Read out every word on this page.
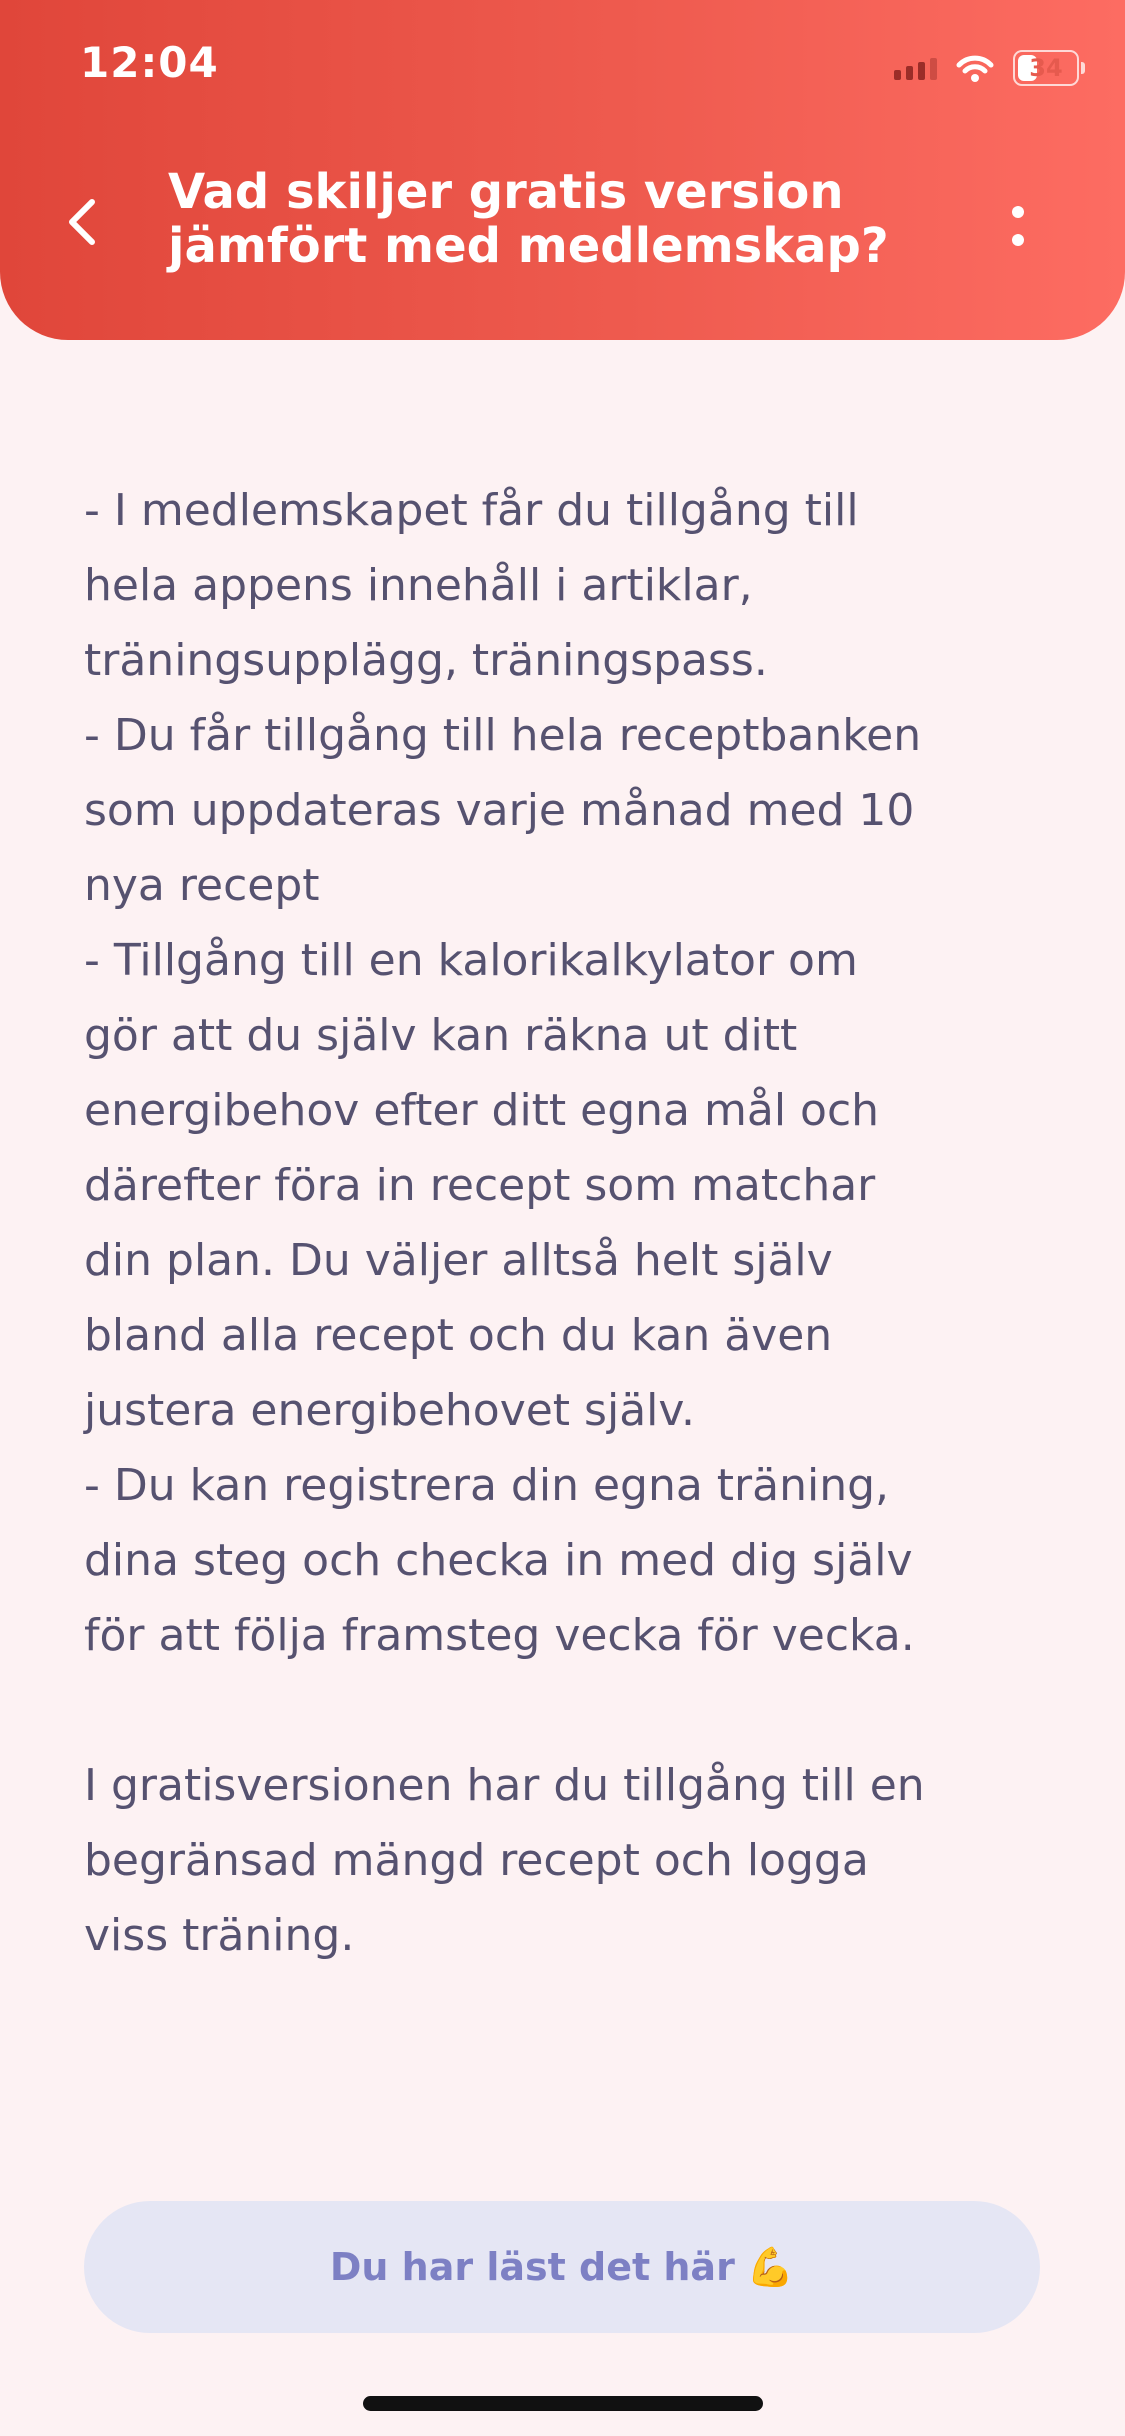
12:04	34
Vad skiljer gratis version
jämfört med medlemskap?
- I medlemskapet får du tillgång till
hela appens innehåll i artiklar,
träningsupplägg, träningspass.
- Du får tillgång till hela receptbanken
som uppdateras varje månad med 10
nya recept
- Tillgång till en kalorikalkylator om
gör att du själv kan räkna ut ditt
energibehov efter ditt egna mål och
därefter föra in recept som matchar
din plan. Du väljer alltså helt själv
bland alla recept och du kan även
justera energibehovet själv.
- Du kan registrera din egna träning,
dina steg och checka in med dig själv
för att följa framsteg vecka för vecka.
I gratisversionen har du tillgång till en
begränsad mängd recept och logga
viss träning.
Du har läst det här 💪
